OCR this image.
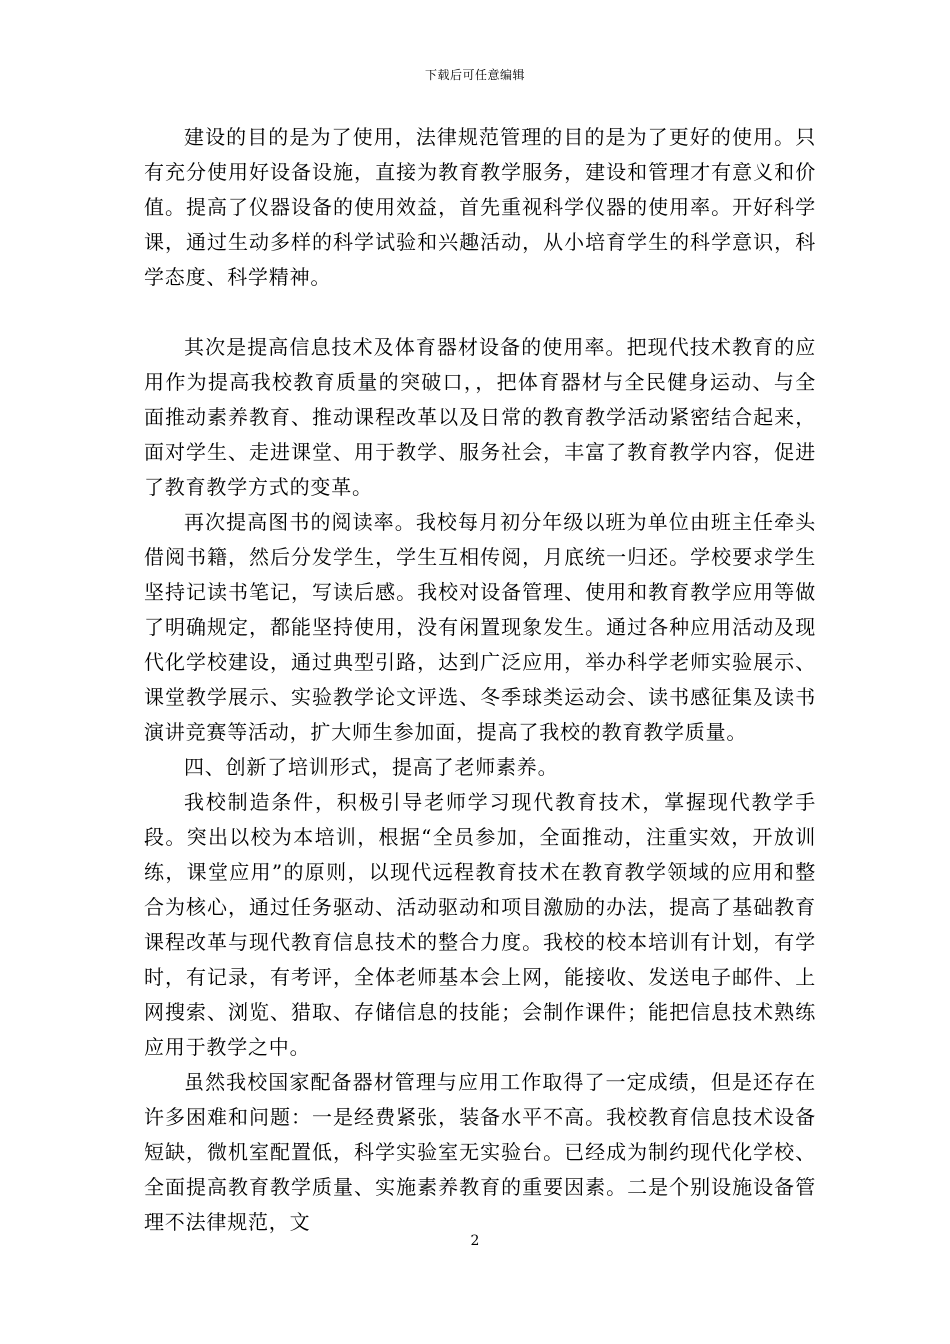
下载后可任意编辑

建设的目的是为了使用，法律规范管理的目的是为了更好的使用。只有充分使用好设备设施，直接为教育教学服务，建设和管理才有意义和价值。提高了仪器设备的使用效益，首先重视科学仪器的使用率。开好科学课，通过生动多样的科学试验和兴趣活动，从小培育学生的科学意识，科学态度、科学精神。

其次是提高信息技术及体育器材设备的使用率。把现代技术教育的应用作为提高我校教育质量的突破口，，把体育器材与全民健身运动、与全面推动素养教育、推动课程改革以及日常的教育教学活动紧密结合起来，面对学生、走进课堂、用于教学、服务社会，丰富了教育教学内容，促进了教育教学方式的变革。

再次提高图书的阅读率。我校每月初分年级以班为单位由班主任牵头借阅书籍，然后分发学生，学生互相传阅，月底统一归还。学校要求学生坚持记读书笔记，写读后感。我校对设备管理、使用和教育教学应用等做了明确规定，都能坚持使用，没有闲置现象发生。通过各种应用活动及现代化学校建设，通过典型引路，达到广泛应用，举办科学老师实验展示、课堂教学展示、实验教学论文评选、冬季球类运动会、读书感征集及读书演讲竞赛等活动，扩大师生参加面，提高了我校的教育教学质量。

四、创新了培训形式，提高了老师素养。

我校制造条件，积极引导老师学习现代教育技术，掌握现代教学手段。突出以校为本培训，根据“全员参加，全面推动，注重实效，开放训练，课堂应用”的原则，以现代远程教育技术在教育教学领域的应用和整合为核心，通过任务驱动、活动驱动和项目激励的办法，提高了基础教育课程改革与现代教育信息技术的整合力度。我校的校本培训有计划，有学时，有记录，有考评，全体老师基本会上网，能接收、发送电子邮件、上网搜索、浏览、猎取、存储信息的技能；会制作课件；能把信息技术熟练应用于教学之中。

虽然我校国家配备器材管理与应用工作取得了一定成绩，但是还存在许多困难和问题：一是经费紧张，装备水平不高。我校教育信息技术设备短缺，微机室配置低，科学实验室无实验台。已经成为制约现代化学校、全面提高教育教学质量、实施素养教育的重要因素。二是个别设施设备管理不法律规范，文

2
